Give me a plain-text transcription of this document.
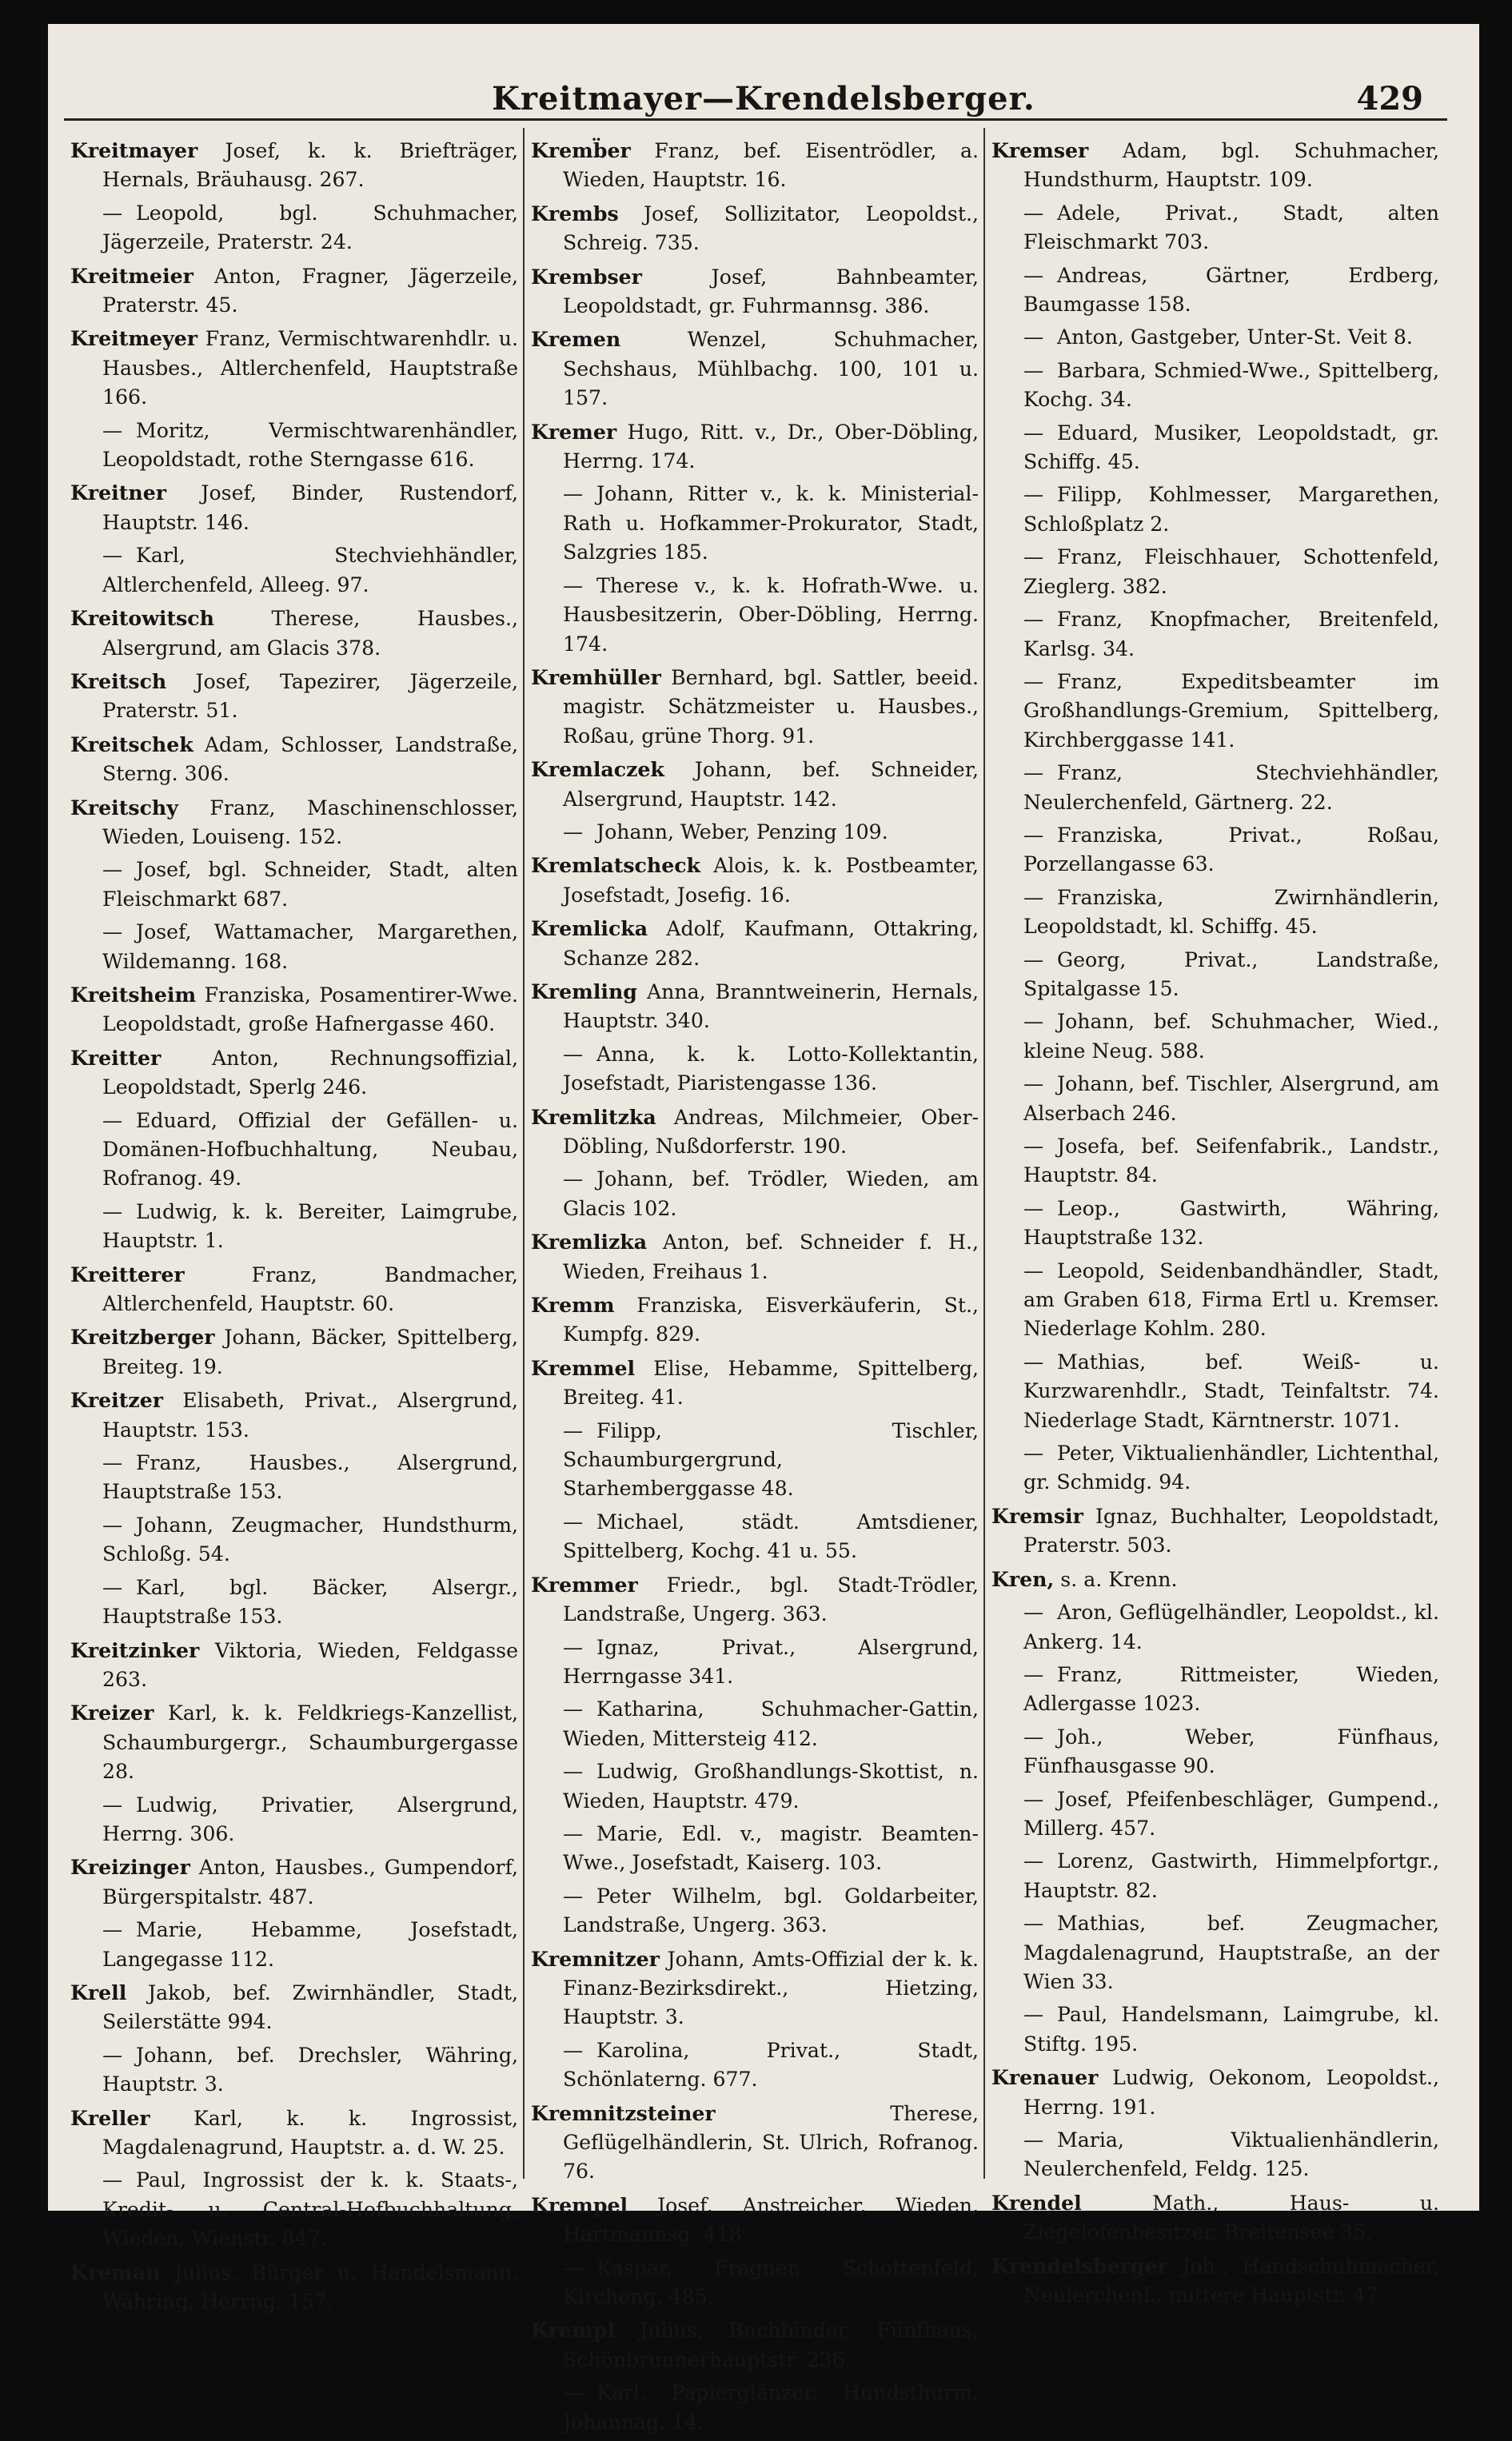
Kreitmayer—Krendelsberger.	429
Kreitmayer Josef, k. k. Briefträger, Hernals, Bräuhausg. 267.
— Leopold, bgl. Schuhmacher, Jägerzeile, Praterstr. 24.
Kreitmeier Anton, Fragner, Jägerzeile, Praterstr. 45.
Kreitmeyer Franz, Vermischtwarenhdlr. u. Hausbes., Altlerchenfeld, Hauptstraße 166.
— Moritz, Vermischtwarenhändler, Leopoldstadt, rothe Sterngasse 616.
Kreitner Josef, Binder, Rustendorf, Hauptstr. 146.
— Karl, Stechviehhändler, Altlerchenfeld, Alleeg. 97.
Kreitowitsch	Therese, Hausbes., Alsergrund, am Glacis 378.
Kreitsch Josef, Tapezirer, Jägerzeile, Praterstr. 51.
Kreitschek Adam, Schlosser, Landstraße, Sterng. 306.
Kreitschy Franz, Maschinenschlosser, Wieden, Louiseng. 152.
— Josef, bgl. Schneider, Stadt, alten Fleischmarkt 687.
— Josef, Wattamacher, Margarethen, Wildemanng. 168.
Kreitsheim Franziska, Posamentirer-Wwe. Leopoldstadt, große Hafnergasse 460.
Kreitter	Anton, Rechnungsoffizial, Leopoldstadt, Sperlg 246.
— Eduard, Offizial der Gefällen- u. Domänen-Hofbuchhaltung, Neubau, Rofranog. 49.
— Ludwig, k. k. Bereiter, Laimgrube, Hauptstr. 1.
Kreitterer	Franz, Bandmacher, Altlerchenfeld, Hauptstr. 60.
Kreitzberger Johann, Bäcker, Spittelberg, Breiteg. 19.
Kreitzer Elisabeth, Privat., Alsergrund, Hauptstr. 153.
— Franz, Hausbes., Alsergrund, Hauptstraße 153.
— Johann, Zeugmacher, Hundsthurm, Schloßg. 54.
— Karl, bgl. Bäcker, Alsergr., Hauptstraße 153.
Kreitzinker Viktoria, Wieden, Feldgasse 263.
Kreizer Karl, k. k. Feldkriegs-Kanzellist, Schaumburgergr., Schaumburgergasse 28.
— Ludwig, Privatier, Alsergrund, Herrng. 306.
Kreizinger Anton, Hausbes., Gumpendorf, Bürgerspitalstr. 487.
— Marie, Hebamme, Josefstadt, Langegasse 112.
Krell Jakob, bef. Zwirnhändler, Stadt, Seilerstätte 994.
— Johann, bef. Drechsler, Währing, Hauptstr. 3.
Kreller Karl, k. k. Ingrossist, Magdalenagrund, Hauptstr. a. d. W. 25.
— Paul, Ingrossist der k. k. Staats-, Kredit- u. Central-Hofbuchhaltung, Wieden, Wienstr. 847.
Kreman Julius, Bürger u. Handelsmann, Währing, Herrng. 157.
Kremb̈er Franz, bef. Eisentrödler, a. Wieden, Hauptstr. 16.
Krembs Josef, Sollizitator, Leopoldst., Schreig. 735.
Krembser	Josef, Bahnbeamter, Leopoldstadt, gr. Fuhrmannsg. 386.
Kremen	Wenzel, Schuhmacher, Sechshaus, Mühlbachg. 100, 101 u. 157.
Kremer Hugo, Ritt. v., Dr., Ober-Döbling, Herrng. 174.
— Johann, Ritter v., k. k. Ministerial-Rath u. Hofkammer-Prokurator, Stadt, Salzgries 185.
— Therese v., k. k. Hofrath-Wwe. u. Hausbesitzerin, Ober-Döbling, Herrng. 174.
Kremhüller Bernhard, bgl. Sattler, beeid. magistr. Schätzmeister u. Hausbes., Roßau, grüne Thorg. 91.
Kremlaczek Johann, bef. Schneider, Alsergrund, Hauptstr. 142.
— Johann, Weber, Penzing 109.
Kremlatscheck Alois, k. k. Postbeamter, Josefstadt, Josefig. 16.
Kremlicka Adolf, Kaufmann, Ottakring, Schanze 282.
Kremling Anna, Branntweinerin, Hernals, Hauptstr. 340.
— Anna, k. k. Lotto-Kollektantin, Josefstadt, Piaristengasse 136.
Kremlitzka Andreas, Milchmeier, Ober-Döbling, Nußdorferstr. 190.
— Johann, bef. Trödler, Wieden, am Glacis 102.
Kremlizka Anton, bef. Schneider f. H., Wieden, Freihaus 1.
Kremm Franziska, Eisverkäuferin, St., Kumpfg. 829.
Kremmel Elise, Hebamme, Spittelberg, Breiteg. 41.
— Filipp, Tischler, Schaumburgergrund, Starhemberggasse 48.
— Michael, städt. Amtsdiener, Spittelberg, Kochg. 41 u. 55.
Kremmer Friedr., bgl. Stadt-Trödler, Landstraße, Ungerg. 363.
— Ignaz, Privat., Alsergrund, Herrngasse 341.
— Katharina, Schuhmacher-Gattin, Wieden, Mittersteig 412.
— Ludwig, Großhandlungs-Skottist, n. Wieden, Hauptstr. 479.
— Marie, Edl. v., magistr. Beamten-Wwe., Josefstadt, Kaiserg. 103.
— Peter Wilhelm, bgl. Goldarbeiter, Landstraße, Ungerg. 363.
Kremnitzer Johann, Amts-Offizial der k. k. Finanz-Bezirksdirekt., Hietzing, Hauptstr. 3.
— Karolina, Privat., Stadt, Schönlaterng. 677.
Kremnitzsteiner	Therese, Geflügelhändlerin, St. Ulrich, Rofranog. 76.
Krempel Josef, Anstreicher, Wieden, Hartmannsg. 418.
— Kaspar, Fragner, Schottenfeld, Kircheng. 485.
Krempl Julius, Buchbinder, Fünfhaus, Schönbrunnerhauptstr. 236.
— Karl, Papierglänzer, Hundsthurm, Johannag. 14.
Kremser Adam, bgl. Schuhmacher, Hundsthurm, Hauptstr. 109.
— Adele, Privat., Stadt, alten Fleischmarkt 703.
— Andreas, Gärtner, Erdberg, Baumgasse 158.
— Anton, Gastgeber, Unter-St. Veit 8.
— Barbara, Schmied-Wwe., Spittelberg, Kochg. 34.
— Eduard, Musiker, Leopoldstadt, gr. Schiffg. 45.
— Filipp, Kohlmesser, Margarethen, Schloßplatz 2.
— Franz, Fleischhauer, Schottenfeld, Zieglerg. 382.
— Franz, Knopfmacher, Breitenfeld, Karlsg. 34.
— Franz, Expeditsbeamter im Großhandlungs-Gremium, Spittelberg, Kirchberggasse 141.
— Franz, Stechviehhändler, Neulerchenfeld, Gärtnerg. 22.
— Franziska, Privat., Roßau, Porzellangasse 63.
— Franziska, Zwirnhändlerin, Leopoldstadt, kl. Schiffg. 45.
— Georg, Privat., Landstraße, Spitalgasse 15.
— Johann, bef. Schuhmacher, Wied., kleine Neug. 588.
— Johann, bef. Tischler, Alsergrund, am Alserbach 246.
— Josefa, bef. Seifenfabrik., Landstr., Hauptstr. 84.
— Leop., Gastwirth, Währing, Hauptstraße 132.
— Leopold, Seidenbandhändler, Stadt, am Graben 618, Firma Ertl u. Kremser. Niederlage Kohlm. 280.
— Mathias, bef. Weiß- u. Kurzwarenhdlr., Stadt, Teinfaltstr. 74. Niederlage Stadt, Kärntnerstr. 1071.
— Peter, Viktualienhändler, Lichtenthal, gr. Schmidg. 94.
Kremsir Ignaz, Buchhalter, Leopoldstadt, Praterstr. 503.
Kren, s. a. Krenn.
— Aron, Geflügelhändler, Leopoldst., kl. Ankerg. 14.
— Franz, Rittmeister, Wieden, Adlergasse 1023.
— Joh., Weber, Fünfhaus, Fünfhausgasse 90.
— Josef, Pfeifenbeschläger, Gumpend., Millerg. 457.
— Lorenz, Gastwirth, Himmelpfortgr., Hauptstr. 82.
— Mathias, bef. Zeugmacher, Magdalenagrund, Hauptstraße, an der Wien 33.
— Paul, Handelsmann, Laimgrube, kl. Stiftg. 195.
Krenauer Ludwig, Oekonom, Leopoldst., Herrng. 191.
— Maria, Viktualienhändlerin, Neulerchenfeld, Feldg. 125.
Krendel	Math., Haus- u. Ziegelofenbesitzer, Breitensee 35.
Krendelsberger Joh., Handschuhmacher, Neulerchenf., mittere Hauptstr. 47.
